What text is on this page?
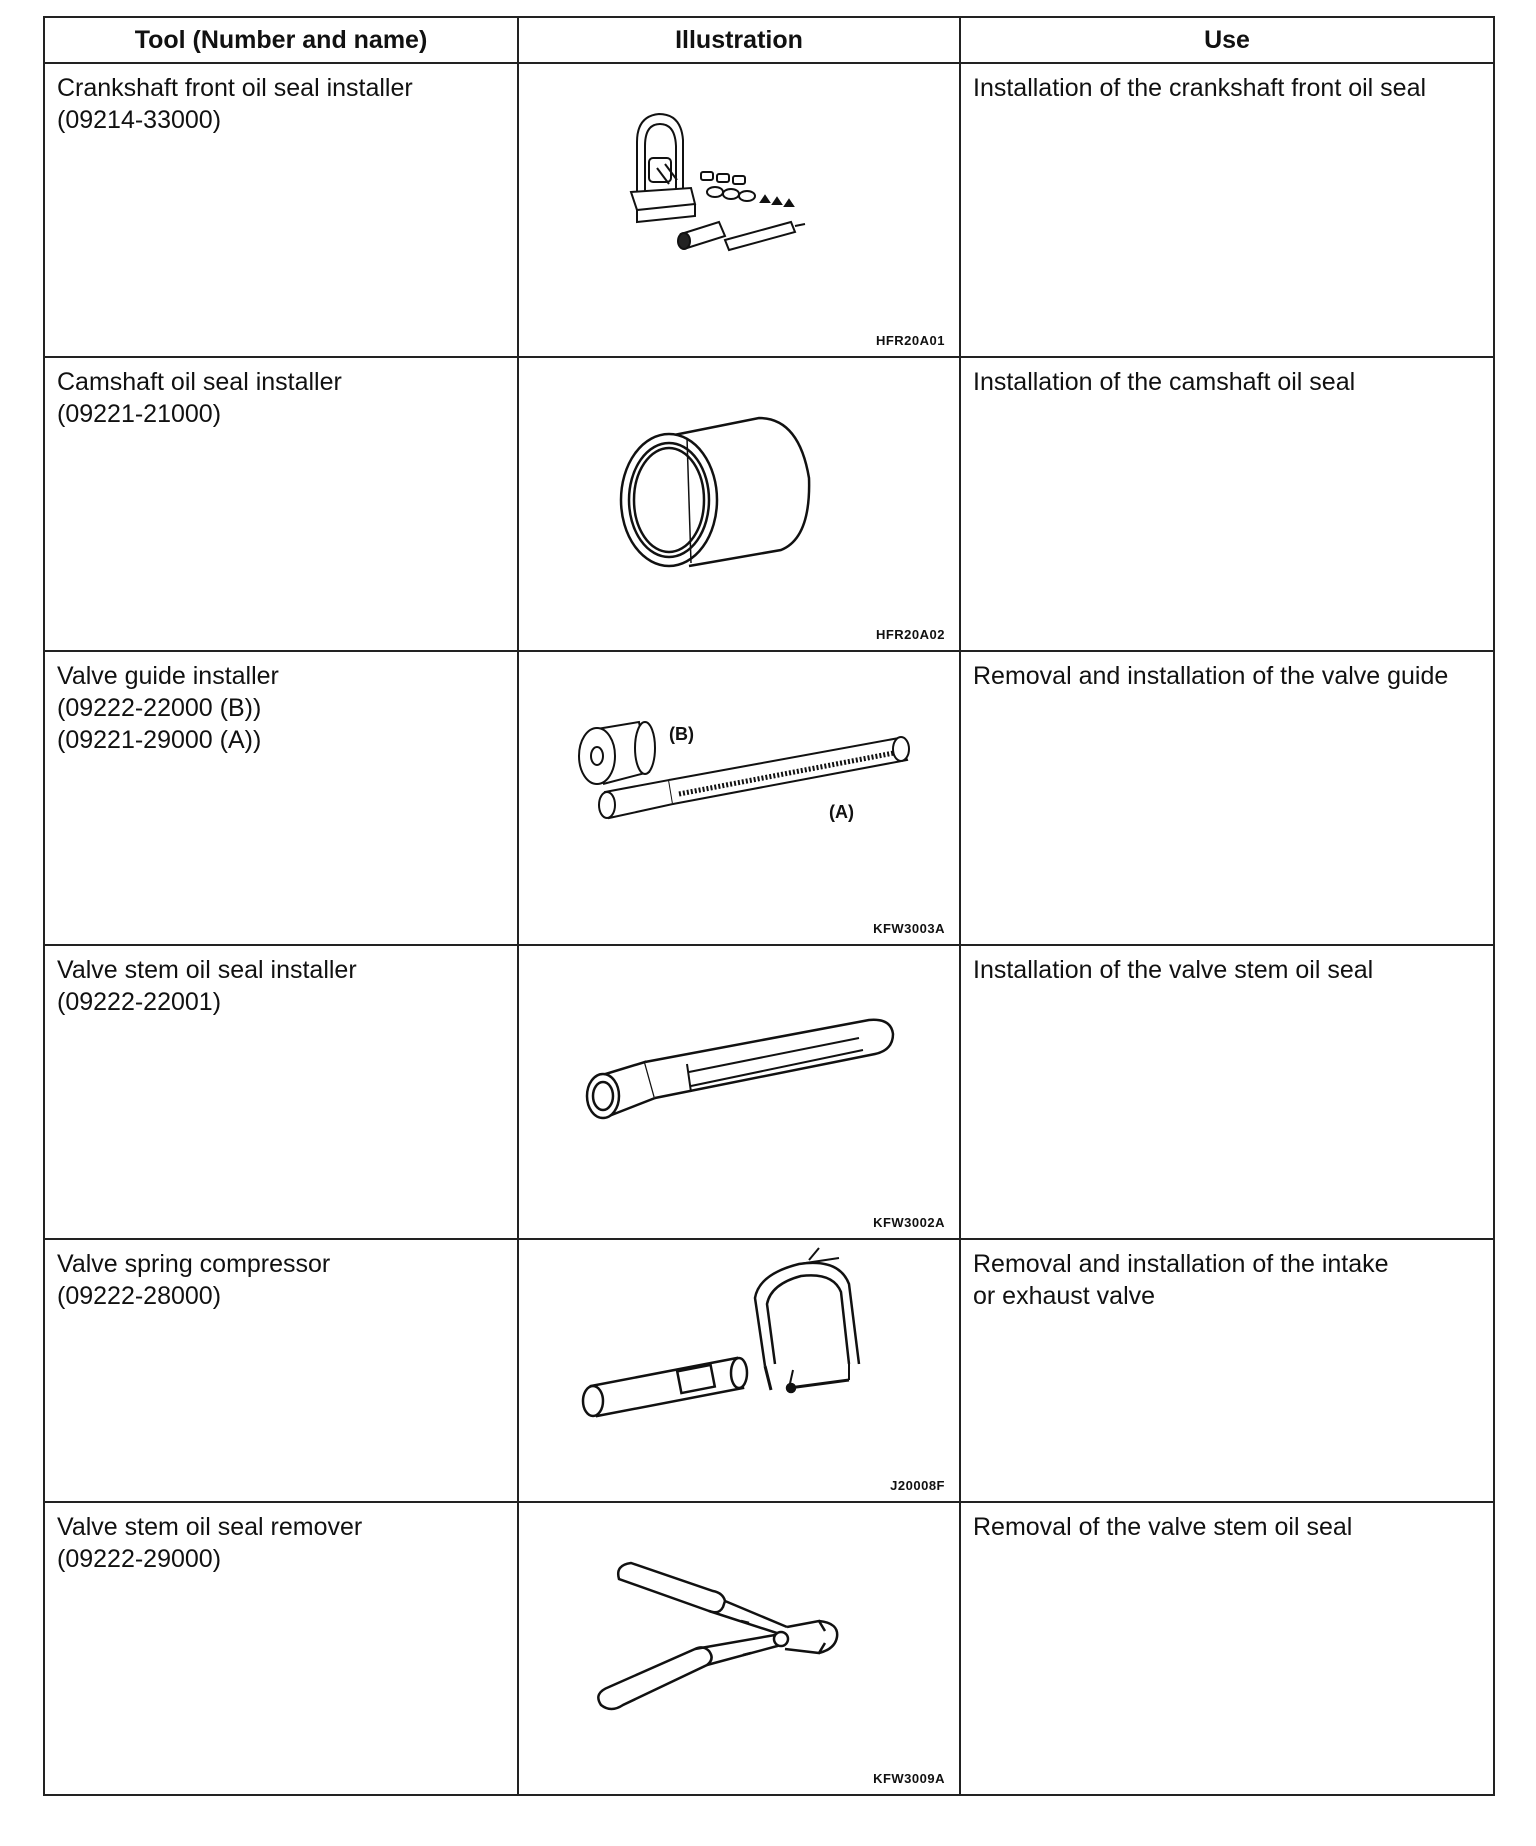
Tool (Number and name)	Illustration	Use

Crankshaft front oil seal installer
(09214-33000)	HFR20A01	Installation of the crankshaft front oil seal

Camshaft oil seal installer
(09221-21000)	HFR20A02	Installation of the camshaft oil seal

Valve guide installer
(09222-22000 (B))
(09221-29000 (A))	(B)
(A)
KFW3003A	Removal and installation of the valve guide

Valve stem oil seal installer
(09222-22001)	KFW3002A	Installation of the valve stem oil seal

Valve spring compressor
(09222-28000)	J20008F	Removal and installation of the intake
or exhaust valve

Valve stem oil seal remover
(09222-29000)	KFW3009A	Removal of the valve stem oil seal
